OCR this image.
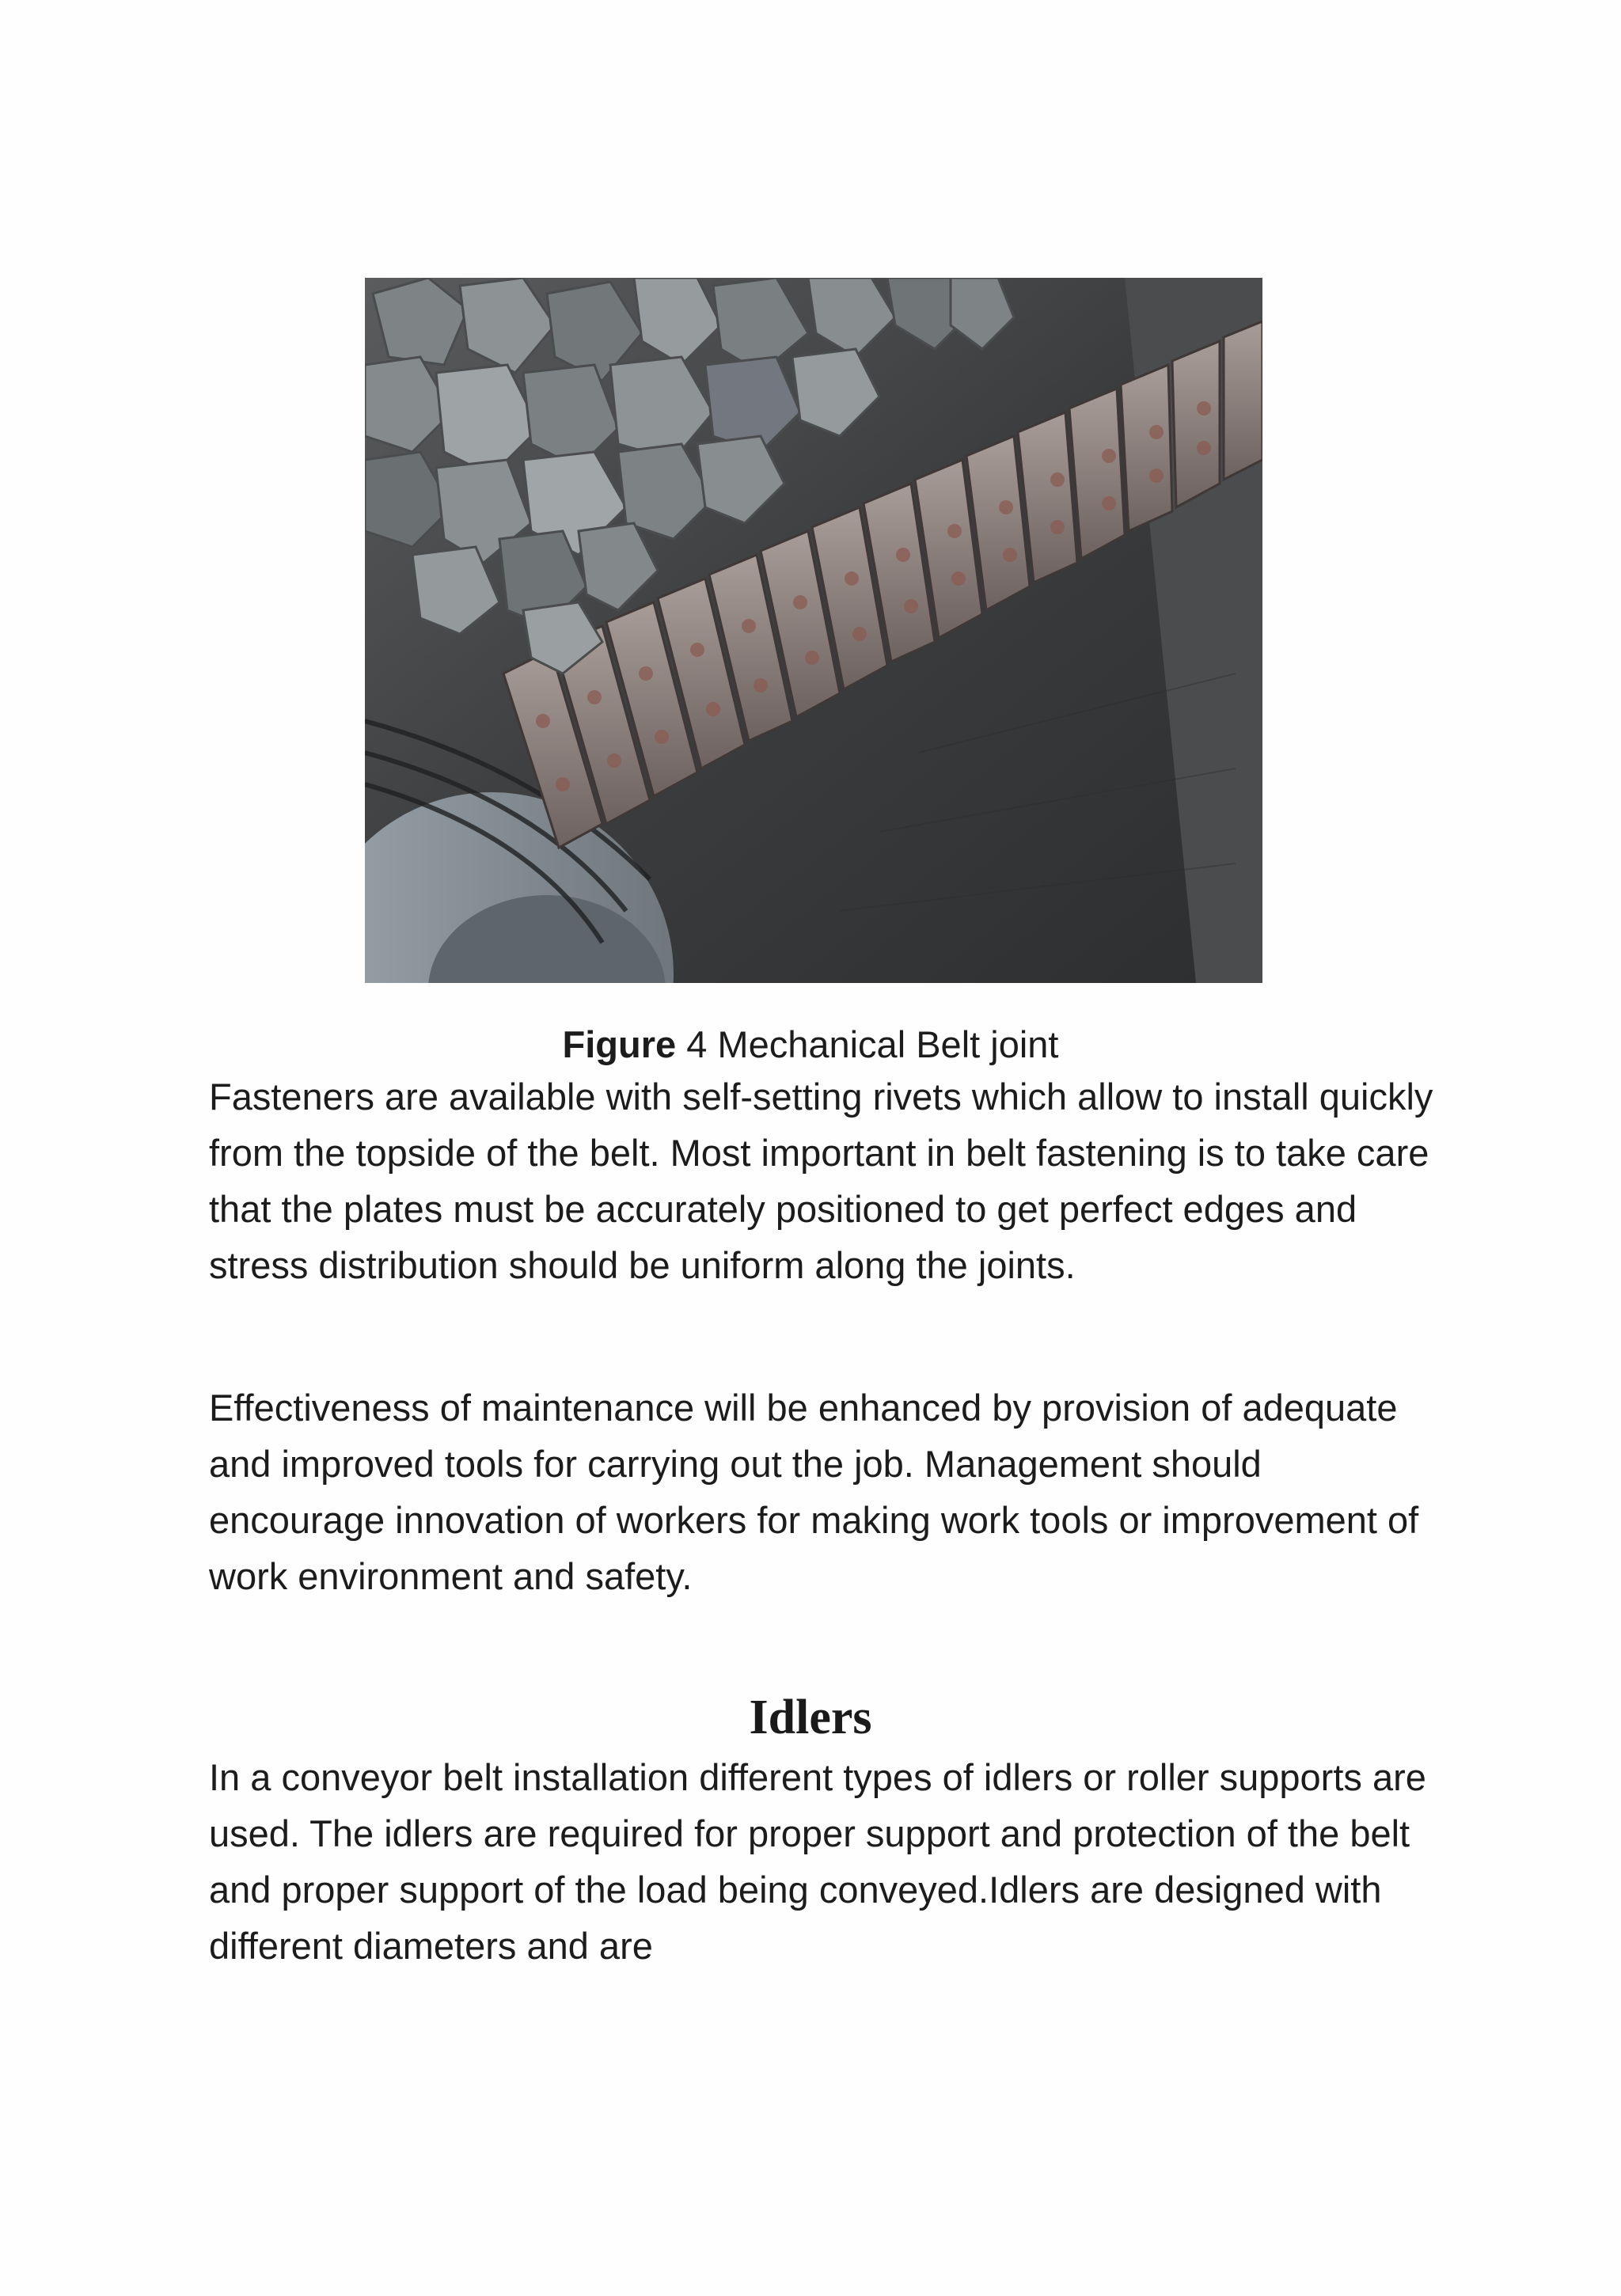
Figure 4 Mechanical Belt joint

Fasteners are available with self-setting rivets which allow to install quickly from the topside of the belt. Most important in belt fastening is to take care that the plates must be accurately positioned to get perfect edges and stress distribution should be uniform along the joints.

Effectiveness of maintenance will be enhanced by provision of adequate and improved tools for carrying out the job. Management should encourage innovation of workers for making work tools or improvement of work environment and safety.

Idlers

In a conveyor belt installation different types of idlers or roller supports are used. The idlers are required for proper support and protection of the belt and proper support of the load being conveyed.Idlers are designed with different diameters and are
